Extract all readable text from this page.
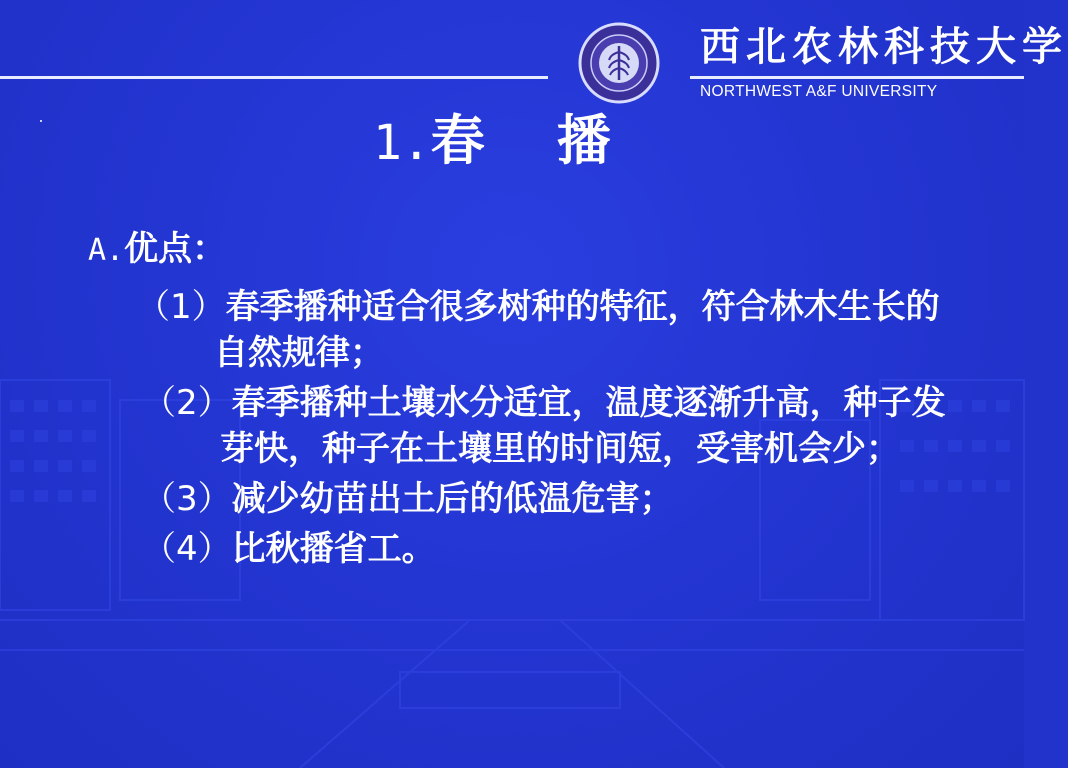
西北农林科技大学
NORTHWEST A&F UNIVERSITY
1.春 播
A.优点：
（1）春季播种适合很多树种的特征，符合林木生长的自然规律；
（2）春季播种土壤水分适宜，温度逐渐升高，种子发芽快，种子在土壤里的时间短，受害机会少；
（3）减少幼苗出土后的低温危害；
（4）比秋播省工。
